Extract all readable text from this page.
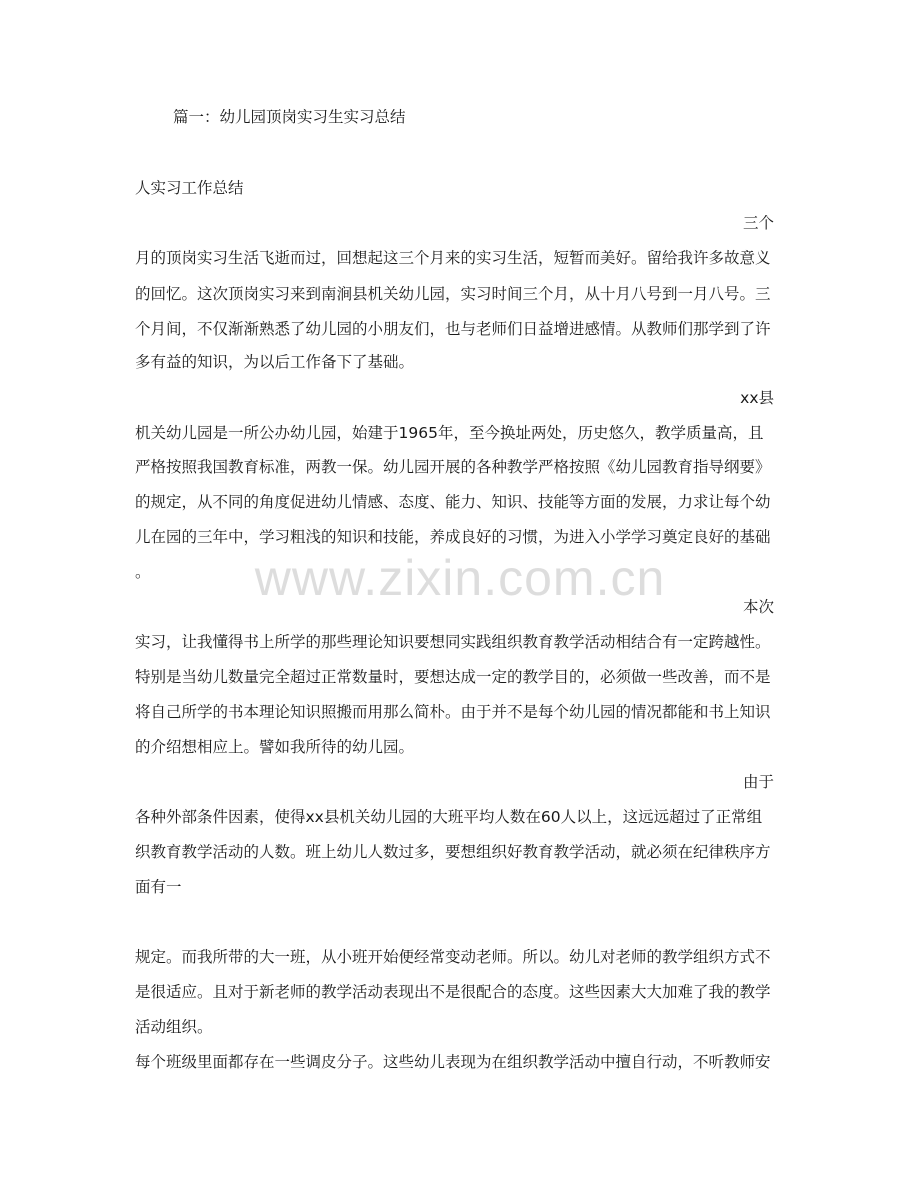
篇一：幼儿园顶岗实习生实习总结
人实习工作总结
三个
月的顶岗实习生活飞逝而过，回想起这三个月来的实习生活，短暂而美好。留给我许多故意义
的回忆。这次顶岗实习来到南涧县机关幼儿园，实习时间三个月，从十月八号到一月八号。三
个月间，不仅渐渐熟悉了幼儿园的小朋友们，也与老师们日益增进感情。从教师们那学到了许
多有益的知识，为以后工作备下了基础。
xx县
机关幼儿园是一所公办幼儿园，始建于1965年，至今换址两处，历史悠久，教学质量高，且
严格按照我国教育标准，两教一保。幼儿园开展的各种教学严格按照《幼儿园教育指导纲要》
的规定，从不同的角度促进幼儿情感、态度、能力、知识、技能等方面的发展，力求让每个幼
儿在园的三年中，学习粗浅的知识和技能，养成良好的习惯，为进入小学学习奠定良好的基础
。
本次
实习，让我懂得书上所学的那些理论知识要想同实践组织教育教学活动相结合有一定跨越性。
特别是当幼儿数量完全超过正常数量时，要想达成一定的教学目的，必须做一些改善，而不是
将自己所学的书本理论知识照搬而用那么简朴。由于并不是每个幼儿园的情况都能和书上知识
的介绍想相应上。譬如我所待的幼儿园。
由于
各种外部条件因素，使得xx县机关幼儿园的大班平均人数在60人以上，这远远超过了正常组
织教育教学活动的人数。班上幼儿人数过多，要想组织好教育教学活动，就必须在纪律秩序方
面有一
规定。而我所带的大一班，从小班开始便经常变动老师。所以。幼儿对老师的教学组织方式不
是很适应。且对于新老师的教学活动表现出不是很配合的态度。这些因素大大加难了我的教学
活动组织。
每个班级里面都存在一些调皮分子。这些幼儿表现为在组织教学活动中擅自行动，不听教师安
www.zixin.com.cn
